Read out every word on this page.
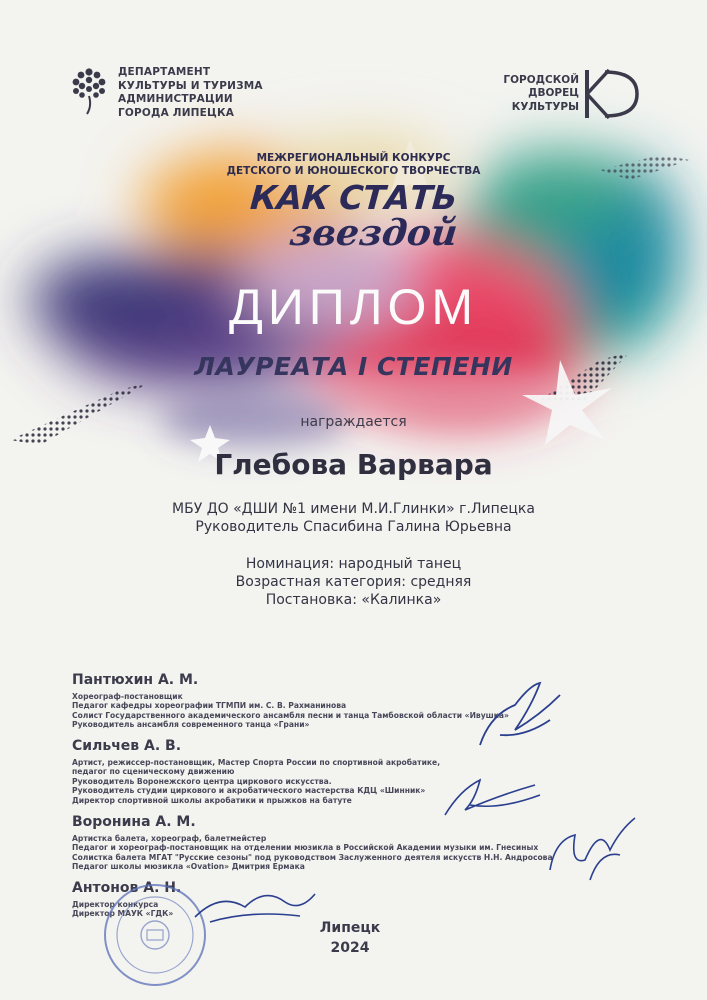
ДЕПАРТАМЕНТ
КУЛЬТУРЫ И ТУРИЗМА
АДМИНИСТРАЦИИ
ГОРОДА ЛИПЕЦКА
ГОРОДСКОЙ
ДВОРЕЦ
КУЛЬТУРЫ
МЕЖРЕГИОНАЛЬНЫЙ КОНКУРС
ДЕТСКОГО И ЮНОШЕСКОГО ТВОРЧЕСТВА
КАК СТАТЬ
звездой
ДИПЛОМ
ЛАУРЕАТА I СТЕПЕНИ
награждается
Глебова Варвара
МБУ ДО «ДШИ №1 имени М.И.Глинки» г.Липецка
Руководитель Спасибина Галина Юрьевна
Номинация: народный танец
Возрастная категория: средняя
Постановка: «Калинка»
Пантюхин А. М.
Хореограф-постановщик
Педагог кафедры хореографии ТГМПИ им. С. В. Рахманинова
Солист Государственного академического ансамбля песни и танца Тамбовской области «Ивушка»
Руководитель ансамбля современного танца «Грани»
Сильчев А. В.
Артист, режиссер-постановщик, Мастер Спорта России по спортивной акробатике,
педагог по сценическому движению
Руководитель Воронежского центра циркового искусства.
Руководитель студии циркового и акробатического мастерства КДЦ «Шинник»
Директор спортивной школы акробатики и прыжков на батуте
Воронина А. М.
Артистка балета, хореограф, балетмейстер
Педагог и хореограф-постановщик на отделении мюзикла в Российской Академии музыки им. Гнесиных
Солистка балета МГАТ "Русские сезоны" под руководством Заслуженного деятеля искусств Н.Н. Андросова
Педагог школы мюзикла «Ovation» Дмитрия Ермака
Антонов А. Н.
Директор конкурса
Директор МАУК «ГДК»
Липецк
2024
